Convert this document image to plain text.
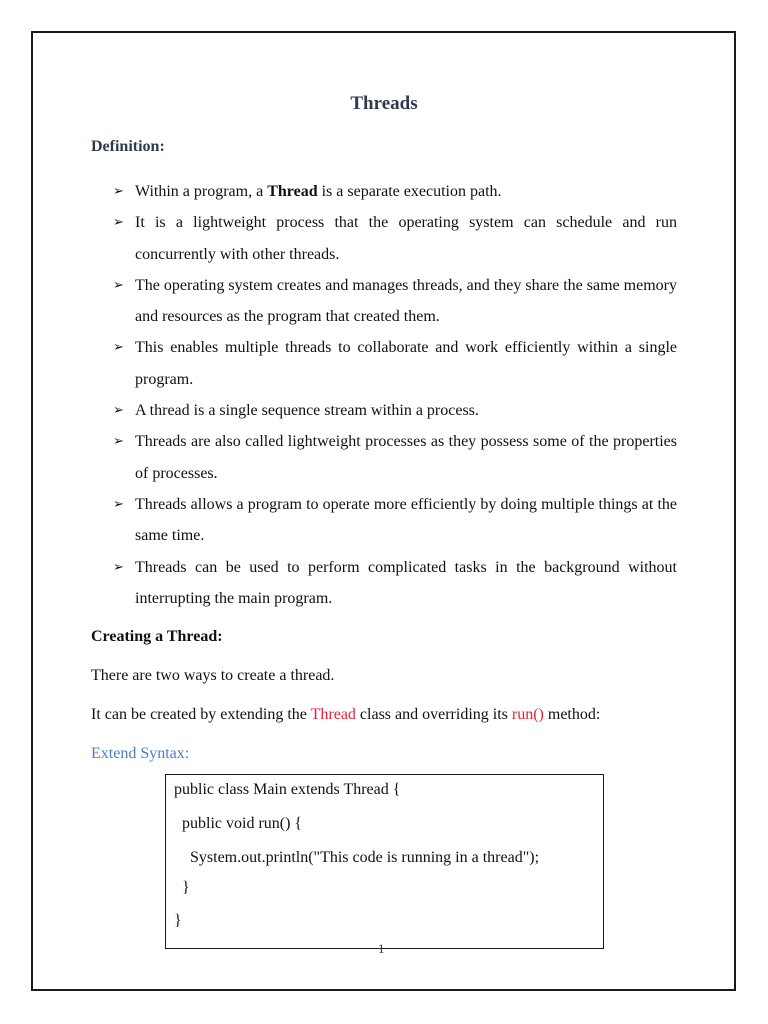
Threads
Definition:
➢ Within a program, a Thread is a separate execution path.
➢ It is a lightweight process that the operating system can schedule and run concurrently with other threads.
➢ The operating system creates and manages threads, and they share the same memory and resources as the program that created them.
➢ This enables multiple threads to collaborate and work efficiently within a single program.
➢ A thread is a single sequence stream within a process.
➢ Threads are also called lightweight processes as they possess some of the properties of processes.
➢ Threads allows a program to operate more efficiently by doing multiple things at the same time.
➢ Threads can be used to perform complicated tasks in the background without interrupting the main program.
Creating a Thread:
There are two ways to create a thread.
It can be created by extending the Thread class and overriding its run() method:
Extend Syntax:
public class Main extends Thread {
public void run() {
System.out.println("This code is running in a thread");
}
}
1
